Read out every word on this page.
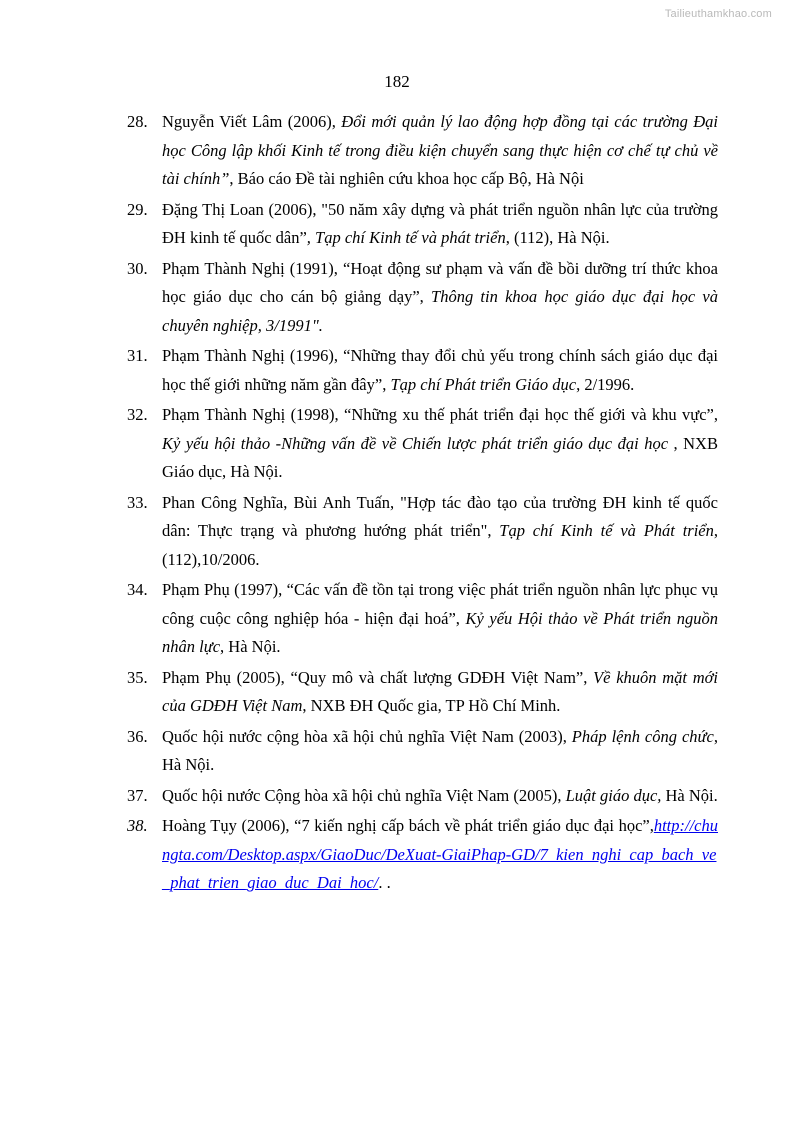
Tailieuthamkhao.com
182
28. Nguyễn Viết Lâm (2006), Đổi mới quản lý lao động hợp đồng tại các trường Đại học Công lập khối Kinh tế trong điều kiện chuyển sang thực hiện cơ chế tự chủ về tài chính”, Báo cáo Đề tài nghiên cứu khoa học cấp Bộ, Hà Nội
29. Đặng Thị Loan (2006), "50 năm xây dựng và phát triển nguồn nhân lực của trường ĐH kinh tế quốc dân”, Tạp chí Kinh tế và phát triển, (112), Hà Nội.
30. Phạm Thành Nghị (1991), “Hoạt động sư phạm và vấn đề bồi dưỡng trí thức khoa học giáo dục cho cán bộ giảng dạy”, Thông tin khoa học giáo dục đại học và chuyên nghiệp, 3/1991".
31. Phạm Thành Nghị (1996), “Những thay đổi chủ yếu trong chính sách giáo dục đại học thế giới những năm gần đây”, Tạp chí Phát triển Giáo dục, 2/1996.
32. Phạm Thành Nghị (1998), “Những xu thế phát triển đại học thế giới và khu vực”, Kỷ yếu hội thảo -Những vấn đề về Chiến lược phát triển giáo dục đại học , NXB Giáo dục, Hà Nội.
33. Phan Công Nghĩa, Bùi Anh Tuấn, "Hợp tác đào tạo của trường ĐH kinh tế quốc dân: Thực trạng và phương hướng phát triển", Tạp chí Kinh tế và Phát triển, (112),10/2006.
34. Phạm Phụ (1997), “Các vấn đề tồn tại trong việc phát triển nguồn nhân lực phục vụ công cuộc công nghiệp hóa - hiện đại hoá”, Kỷ yếu Hội thảo về Phát triển nguồn nhân lực, Hà Nội.
35. Phạm Phụ (2005), “Quy mô và chất lượng GDĐH Việt Nam”, Về khuôn mặt mới của GDĐH Việt Nam, NXB ĐH Quốc gia, TP Hồ Chí Minh.
36. Quốc hội nước cộng hòa xã hội chủ nghĩa Việt Nam (2003), Pháp lệnh công chức, Hà Nội.
37. Quốc hội nước Cộng hòa xã hội chủ nghĩa Việt Nam (2005), Luật giáo dục, Hà Nội.
38. Hoàng Tụy (2006), “7 kiến nghị cấp bách về phát triển giáo dục đại học”,http://chungta.com/Desktop.aspx/GiaoDuc/DeXuat-GiaiPhap-GD/7_kien_nghi_cap_bach_ve_phat_trien_giao_duc_Dai_hoc/. .
